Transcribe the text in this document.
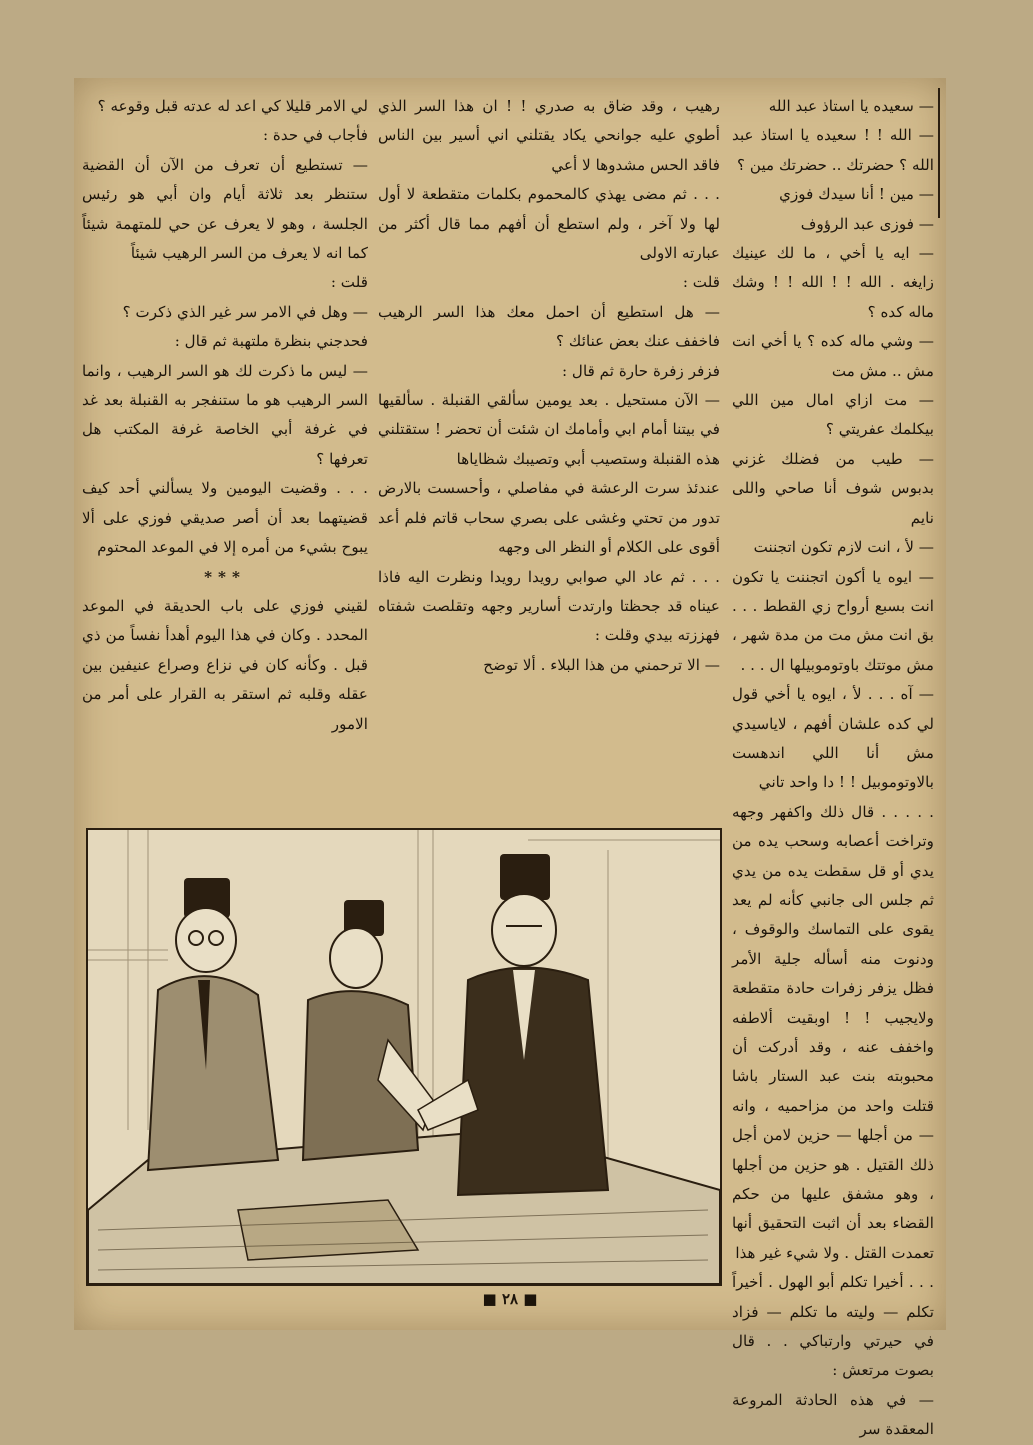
— سعيده يا استاذ عبد الله

— الله ! ! سعيده يا استاذ عبد الله ؟ حضرتك .. حضرتك مين ؟

— مين ! أنا سيدك فوزي

— فوزى عبد الرؤوف

— ايه يا أخي ، ما لك عينيك زايغه . الله ! ! الله ! ! وشك ماله كده ؟

— وشي ماله كده ؟ يا أخي انت مش .. مش مت

— مت ازاي امال مين اللي بيكلمك عفريتي ؟

— طيب من فضلك غزني بدبوس شوف أنا صاحي واللى نايم

— لأ ، انت لازم تكون اتجننت

— ايوه يا أكون اتجننت يا تكون انت بسبع أرواح زي القطط . . . بق انت مش مت من مدة شهر ، مش موتتك باوتوموبيلها ال . . .

— آه . . . لأ ، ايوه يا أخي قول لي كده علشان أفهم ، لاياسيدي مش أنا اللي اندهست بالاوتوموبيل ! ! دا واحد تاني

. . . . . قال ذلك واكفهر وجهه وتراخت أعصابه وسحب يده من يدي أو قل سقطت يده من يدي ثم جلس الى جانبي كأنه لم يعد يقوى على التماسك والوقوف ، ودنوت منه أسأله جلية الأمر فظل يزفر زفرات حادة متقطعة ولايجيب ! ! اوبقيت ألاطفه واخفف عنه ، وقد أدركت أن محبوبته بنت عبد الستار باشا قتلت واحد من مزاحميه ، وانه — من أجلها — حزين لامن أجل ذلك القتيل . هو حزين من أجلها ، وهو مشفق عليها من حكم القضاء بعد أن اثبت التحقيق أنها تعمدت القتل . ولا شيء غير هذا

. . . أخيرا تكلم أبو الهول . أخيراً تكلم — وليته ما تكلم — فزاد في حيرتي وارتباكي . . قال بصوت مرتعش :

— في هذه الحادثة المروعة المعقدة سر

رهيب ، وقد ضاق به صدري ! ! ان هذا السر الذي أطوي عليه جوانحي يكاد يقتلني اني أسير بين الناس فاقد الحس مشدوها لا أعي

. . . ثم مضى يهذي كالمحموم بكلمات متقطعة لا أول لها ولا آخر ، ولم استطع أن أفهم مما قال أكثر من عبارته الاولى

قلت :

— هل استطيع أن احمل معك هذا السر الرهيب فاخفف عنك بعض عنائك ؟

فزفر زفرة حارة ثم قال :

— الآن مستحيل . بعد يومين سألقي القنبلة . سألقيها في بيتنا أمام ابي وأمامك ان شئت أن تحضر ! ستقتلني هذه القنبلة وستصيب أبي وتصيبك شظاياها

عندئذ سرت الرعشة في مفاصلي ، وأحسست بالارض تدور من تحتي وغشى على بصري سحاب قاتم فلم أعد أقوى على الكلام أو النظر الى وجهه

. . . ثم عاد الي صوابي رويدا رويدا ونظرت اليه فاذا عيناه قد جحظتا وارتدت أسارير وجهه وتقلصت شفتاه فهززته بيدي وقلت :

— الا ترحمني من هذا البلاء . ألا توضح

لي الامر قليلا كي اعد له عدته قبل وقوعه ؟

فأجاب في حدة :

— تستطيع أن تعرف من الآن أن القضية ستنظر بعد ثلاثة أيام وان أبي هو رئيس الجلسة ، وهو لا يعرف عن حي للمتهمة شيئاً كما انه لا يعرف من السر الرهيب شيئاً

قلت :

— وهل في الامر سر غير الذي ذكرت ؟

فحدجني بنظرة ملتهبة ثم قال :

— ليس ما ذكرت لك هو السر الرهيب ، وانما السر الرهيب هو ما ستنفجر به القنبلة بعد غد في غرفة أبي الخاصة غرفة المكتب هل تعرفها ؟

. . . وقضيت اليومين ولا يسألني أحد كيف قضيتهما بعد أن أصر صديقي فوزي على ألا يبوح بشيء من أمره إلا في الموعد المحتوم

***

لقيني فوزي على باب الحديقة في الموعد المحدد . وكان في هذا اليوم أهدأ نفساً من ذي قبل . وكأنه كان في نزاع وصراع عنيفين بين عقله وقلبه ثم استقر به القرار على أمر من الامور

■ ٢٨ ■
